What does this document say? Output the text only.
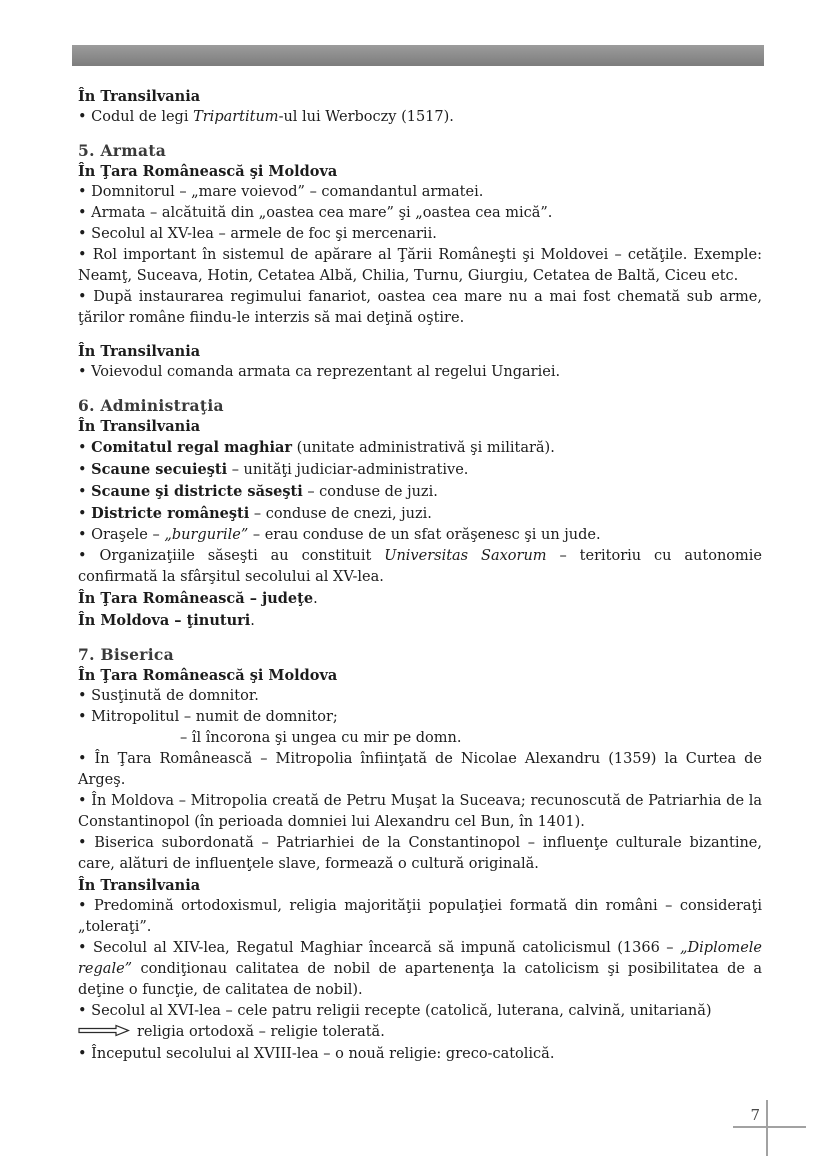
În Transilvania

• Codul de legi Tripartitum-ul lui Werboczy (1517).

5. Armata

În Ţara Românească şi Moldova

• Domnitorul – „mare voievod” – comandantul armatei.

• Armata – alcătuită din „oastea cea mare” şi „oastea cea mică”.

• Secolul al XV-lea – armele de foc şi mercenarii.

• Rol important în sistemul de apărare al Ţării Româneşti şi Moldovei – cetăţile. Exemple: Neamţ, Suceava, Hotin, Cetatea Albă, Chilia, Turnu, Giurgiu, Cetatea de Baltă, Ciceu etc.

• După instaurarea regimului fanariot, oastea cea mare nu a mai fost chemată sub arme, ţărilor române fiindu-le interzis să mai deţină oştire.

În Transilvania

• Voievodul comanda armata ca reprezentant al regelui Ungariei.

6. Administraţia

În Transilvania

• Comitatul regal maghiar (unitate administrativă şi militară).

• Scaune secuieşti – unităţi judiciar-administrative.

• Scaune şi districte săseşti – conduse de juzi.

• Districte româneşti – conduse de cnezi, juzi.

• Oraşele – „burgurile” – erau conduse de un sfat orăşenesc şi un jude.

• Organizaţiile săseşti au constituit Universitas Saxorum – teritoriu cu autonomie confirmată la sfârşitul secolului al XV-lea.

În Ţara Românească – judeţe.

În Moldova – ţinuturi.

7. Biserica

În Ţara Românească şi Moldova

• Susţinută de domnitor.

• Mitropolitul – numit de domnitor;

– îl încorona şi ungea cu mir pe domn.

• În Ţara Românească – Mitropolia înfiinţată de Nicolae Alexandru (1359) la Curtea de Argeş.

• În Moldova – Mitropolia creată de Petru Muşat la Suceava; recunoscută de Patriarhia de la Constantinopol (în perioada domniei lui Alexandru cel Bun, în 1401).

• Biserica subordonată – Patriarhiei de la Constantinopol – influenţe culturale bizantine, care, alături de influenţele slave, formează o cultură originală.

În Transilvania

• Predomină ortodoxismul, religia majorităţii populaţiei formată din români – consideraţi „toleraţi”.

• Secolul al XIV-lea, Regatul Maghiar încearcă să impună catolicismul (1366 – „Diplomele regale” condiţionau calitatea de nobil de apartenenţa la catolicism şi posibilitatea de a deţine o funcţie, de calitatea de nobil).

• Secolul al XVI-lea – cele patru religii recepte (catolică, luterana, calvină, unitariană)

religia ortodoxă – religie tolerată.

• Începutul secolului al XVIII-lea – o nouă religie: greco-catolică.

7
